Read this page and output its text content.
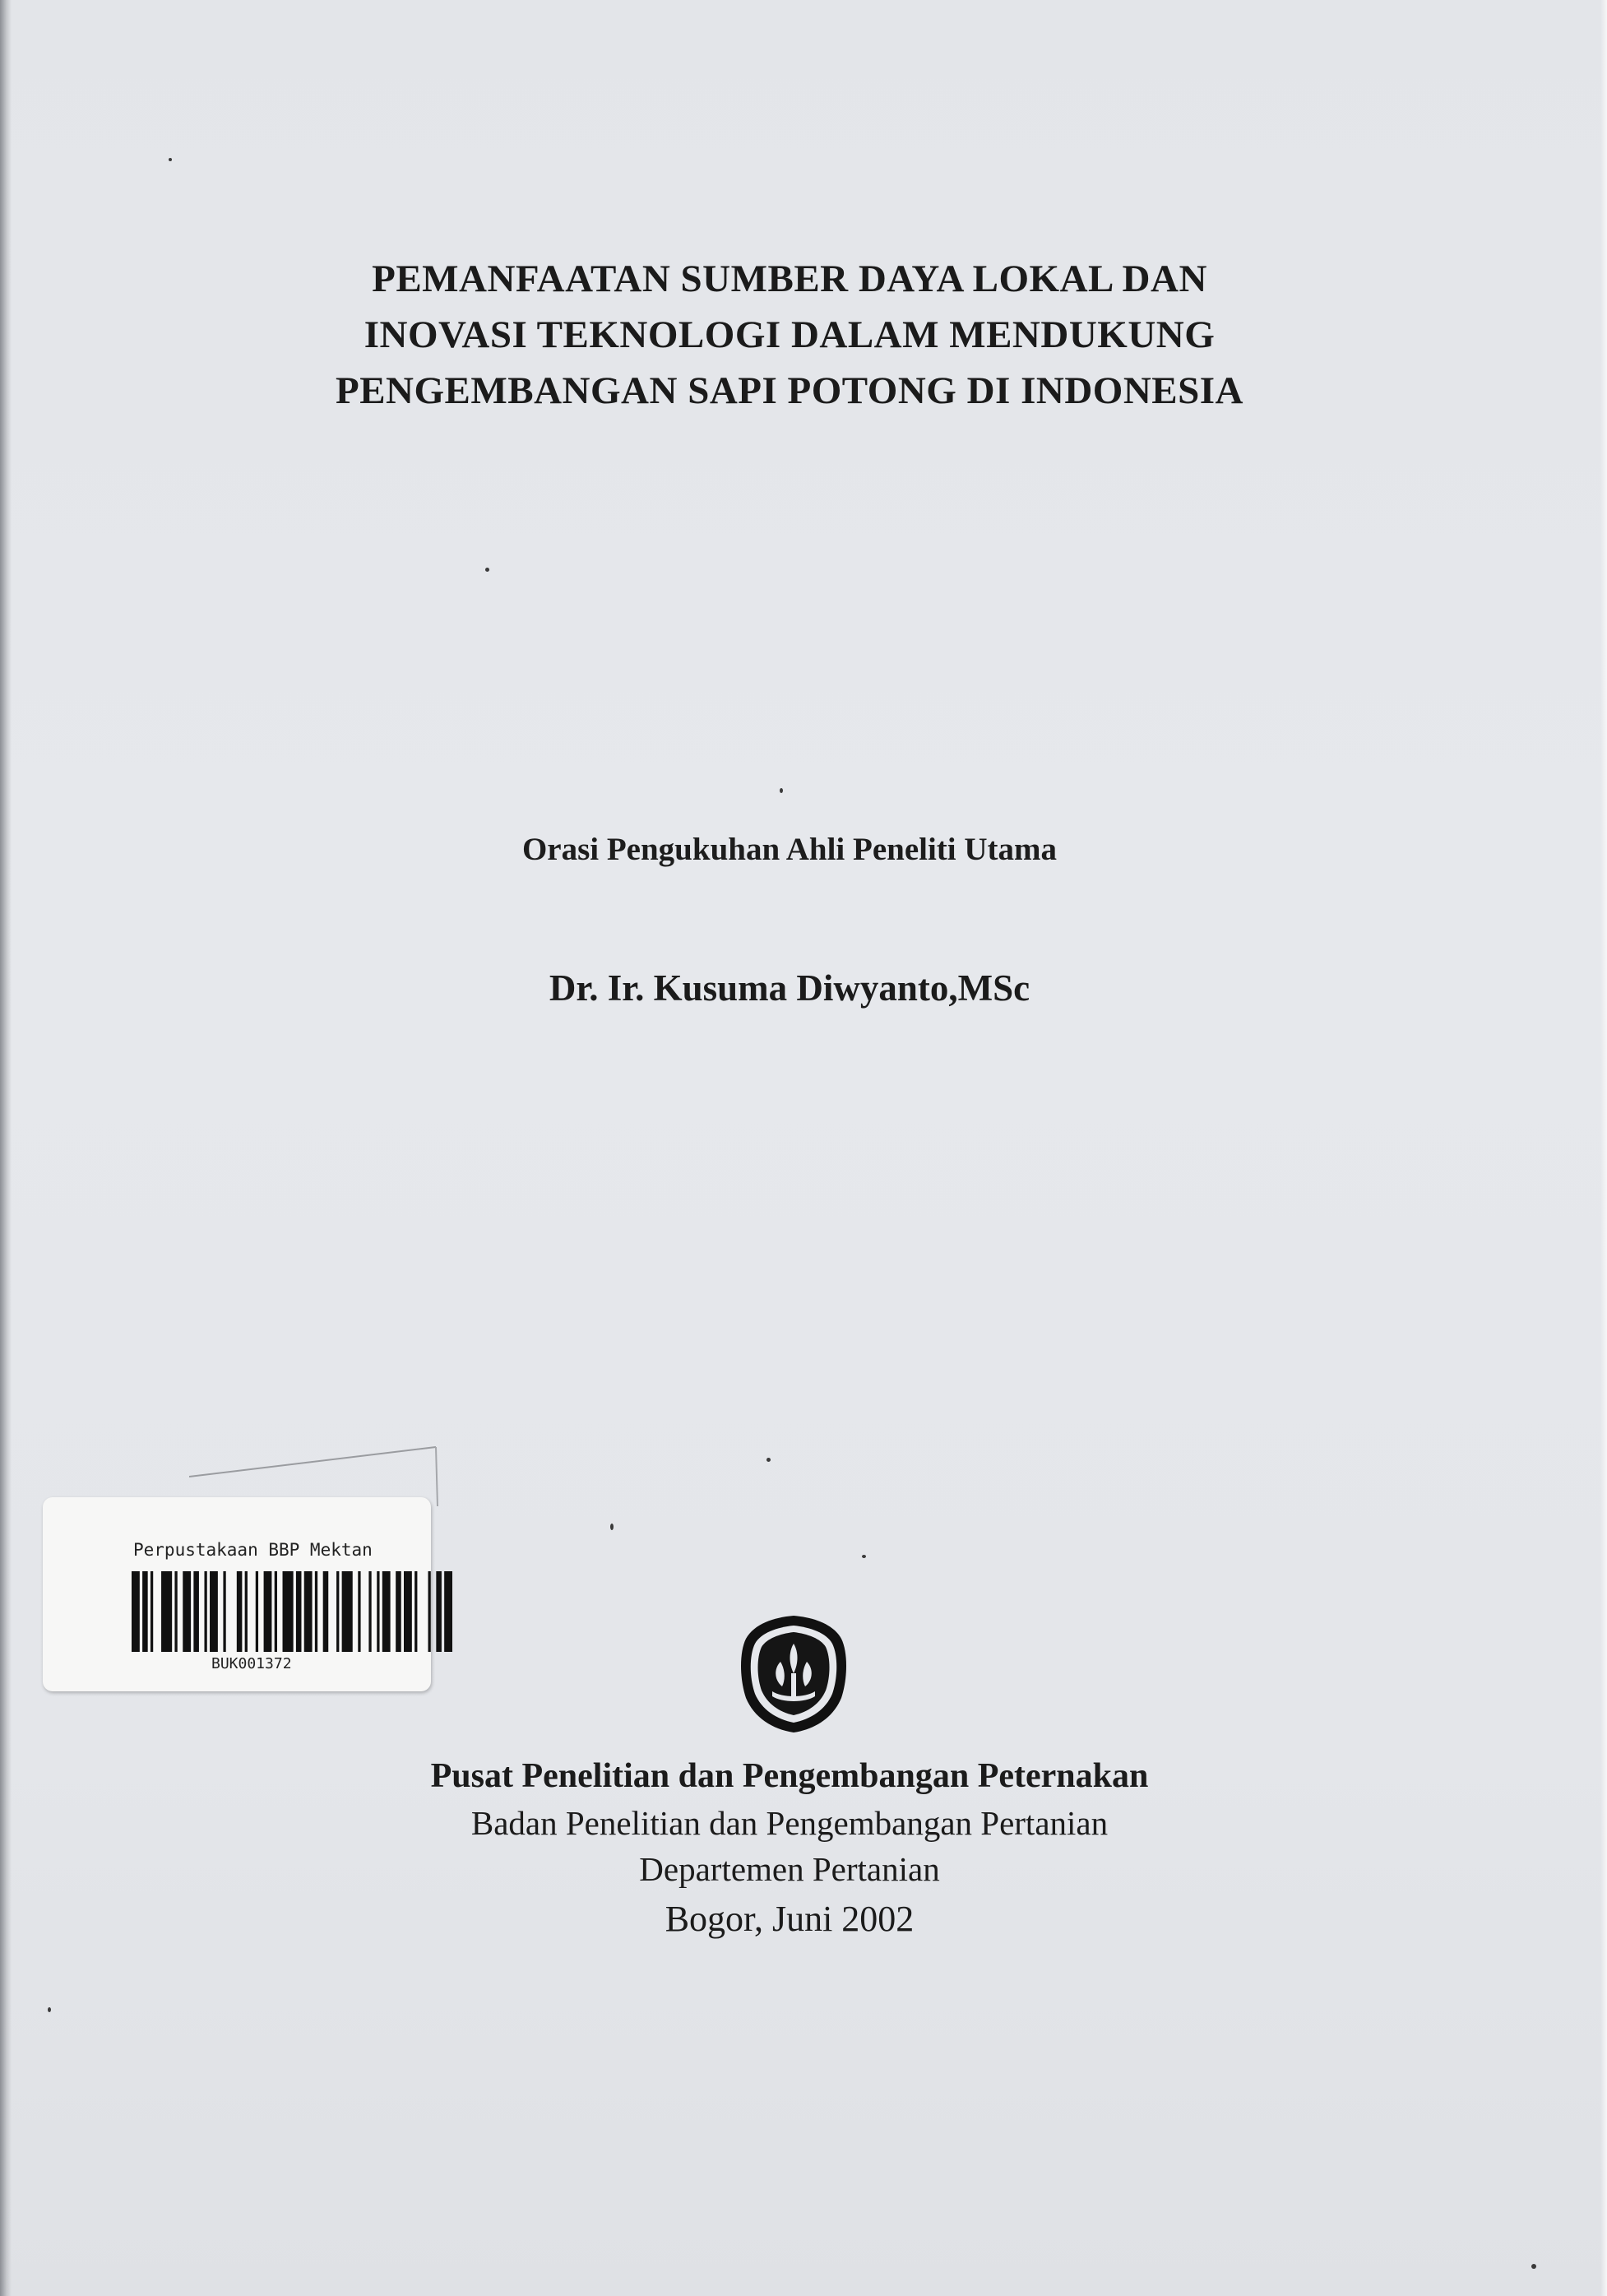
PEMANFAATAN SUMBER DAYA LOKAL DAN
INOVASI TEKNOLOGI DALAM MENDUKUNG
PENGEMBANGAN SAPI POTONG DI INDONESIA
Orasi Pengukuhan Ahli Peneliti Utama
Dr. Ir. Kusuma Diwyanto,MSc
Perpustakaan BBP Mektan
BUK001372
Pusat Penelitian dan Pengembangan Peternakan
Badan Penelitian dan Pengembangan Pertanian
Departemen Pertanian
Bogor, Juni 2002
